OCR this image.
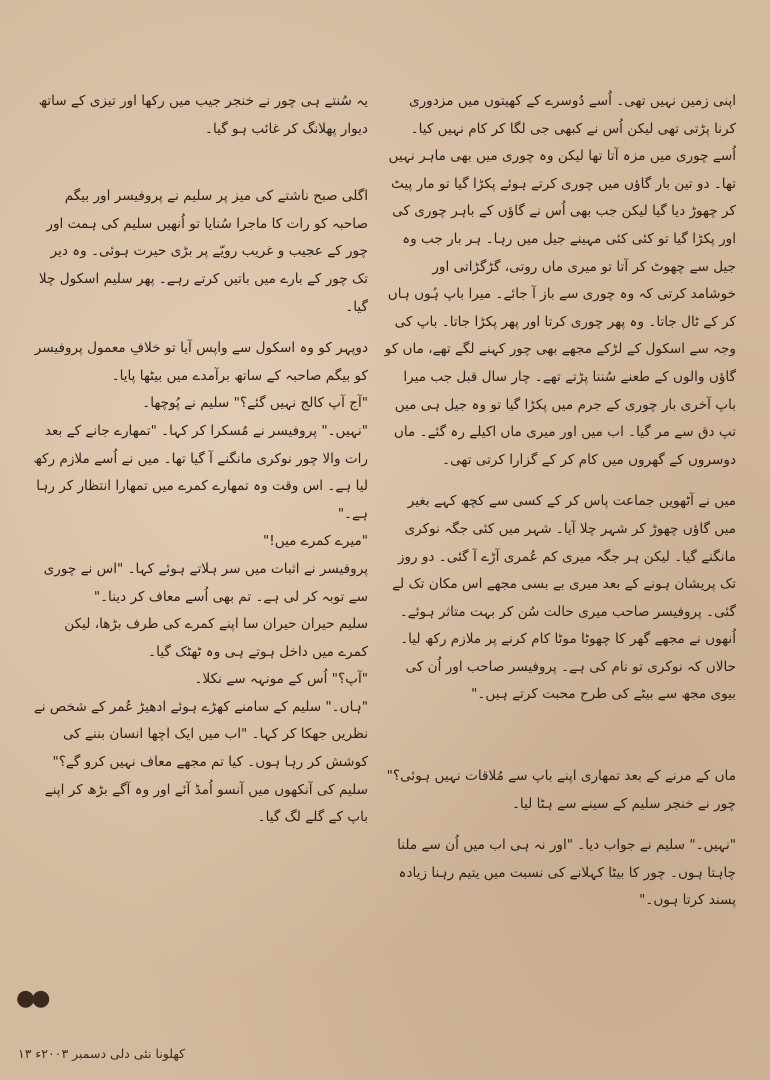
اپنی زمین نہیں تھی۔ اُسے دُوسرے کے کھیتوں میں مزدوری کرنا پڑتی تھی لیکن اُس نے کبھی جی لگا کر کام نہیں کیا۔ اُسے چوری میں مزہ آتا تھا لیکن وہ چوری میں بھی ماہر نہیں تھا۔ دو تین بار گاؤں میں چوری کرتے ہوئے پکڑا گیا تو مار پیٹ کر چھوڑ دیا گیا لیکن جب بھی اُس نے گاؤں کے باہر چوری کی اور پکڑا گیا تو کئی کئی مہینے جیل میں رہا۔ ہر بار جب وہ جیل سے چھوٹ کر آتا تو میری ماں روتی، گڑگڑاتی اور خوشامد کرتی کہ وہ چوری سے باز آ جائے۔ میرا باپ ہُوں ہاں کر کے ٹال جاتا۔ وہ پھر چوری کرتا اور پھر پکڑا جاتا۔ باپ کی وجہ سے اسکول کے لڑکے مجھے بھی چور کہنے لگے تھے، ماں کو گاؤں والوں کے طعنے سُننا پڑتے تھے۔ چار سال قبل جب میرا باپ آخری بار چوری کے جرم میں پکڑا گیا تو وہ جیل ہی میں تپ دق سے مر گیا۔ اب میں اور میری ماں اکیلے رہ گئے۔ ماں دوسروں کے گھروں میں کام کر کے گزارا کرتی تھی۔

میں نے آٹھویں جماعت پاس کر کے کسی سے کچھ کہے بغیر میں گاؤں چھوڑ کر شہر چلا آیا۔ شہر میں کئی جگہ نوکری مانگنے گیا۔ لیکن ہر جگہ میری کم عُمری آڑے آ گئی۔ دو روز تک پریشان ہونے کے بعد میری بے بسی مجھے اس مکان تک لے گئی۔ پروفیسر صاحب میری حالت سُن کر بہت متاثر ہوئے۔ اُنھوں نے مجھے گھر کا چھوٹا موٹا کام کرنے پر ملازم رکھ لیا۔ حالاں کہ نوکری تو نام کی ہے۔ پروفیسر صاحب اور اُن کی بیوی مجھ سے بیٹے کی طرح محبت کرتے ہیں۔"

ماں کے مرنے کے بعد تمھاری اپنے باپ سے مُلاقات نہیں ہوئی؟" چور نے خنجر سلیم کے سینے سے ہٹا لیا۔

"نہیں۔" سلیم نے جواب دیا۔ "اور نہ ہی اب میں اُن سے ملنا چاہتا ہوں۔ چور کا بیٹا کہلانے کی نسبت میں یتیم رہنا زیادہ پسند کرتا ہوں۔"

یہ سُنتے ہی چور نے خنجر جیب میں رکھا اور تیزی کے ساتھ دیوار پھلانگ کر غائب ہو گیا۔

اگلی صبح ناشتے کی میز پر سلیم نے پروفیسر اور بیگم صاحبہ کو رات کا ماجرا سُنایا تو اُنھیں سلیم کی ہمت اور چور کے عجیب و غریب رویّے پر بڑی حیرت ہوئی۔ وہ دیر تک چور کے بارے میں باتیں کرتے رہے۔ پھر سلیم اسکول چلا گیا۔

دوپہر کو وہ اسکول سے واپس آیا تو خلافِ معمول پروفیسر کو بیگم صاحبہ کے ساتھ برآمدے میں بیٹھا پایا۔

"آج آپ کالج نہیں گئے؟" سلیم نے پُوچھا۔

"نہیں۔" پروفیسر نے مُسکرا کر کہا۔ "تمھارے جانے کے بعد رات والا چور نوکری مانگنے آ گیا تھا۔ میں نے اُسے ملازم رکھ لیا ہے۔ اس وقت وہ تمھارے کمرے میں تمھارا انتظار کر رہا ہے۔"

"میرے کمرے میں!"

پروفیسر نے اثبات میں سر ہلاتے ہوئے کہا۔ "اس نے چوری سے توبہ کر لی ہے۔ تم بھی اُسے معاف کر دینا۔"

سلیم حیران حیران سا اپنے کمرے کی طرف بڑھا، لیکن کمرے میں داخل ہوتے ہی وہ ٹھٹک گیا۔

"آپ؟" اُس کے مونہہ سے نکلا۔

"ہاں۔" سلیم کے سامنے کھڑے ہوئے ادھیڑ عُمر کے شخص نے نظریں جھکا کر کہا۔ "اب میں ایک اچھا انسان بننے کی کوشش کر رہا ہوں۔ کیا تم مجھے معاف نہیں کرو گے؟"

سلیم کی آنکھوں میں آنسو اُمڈ آئے اور وہ آگے بڑھ کر اپنے باپ کے گلے لگ گیا۔

●●
کھلونا نئی دلی دسمبر ۲۰۰۳ء ۱۳
